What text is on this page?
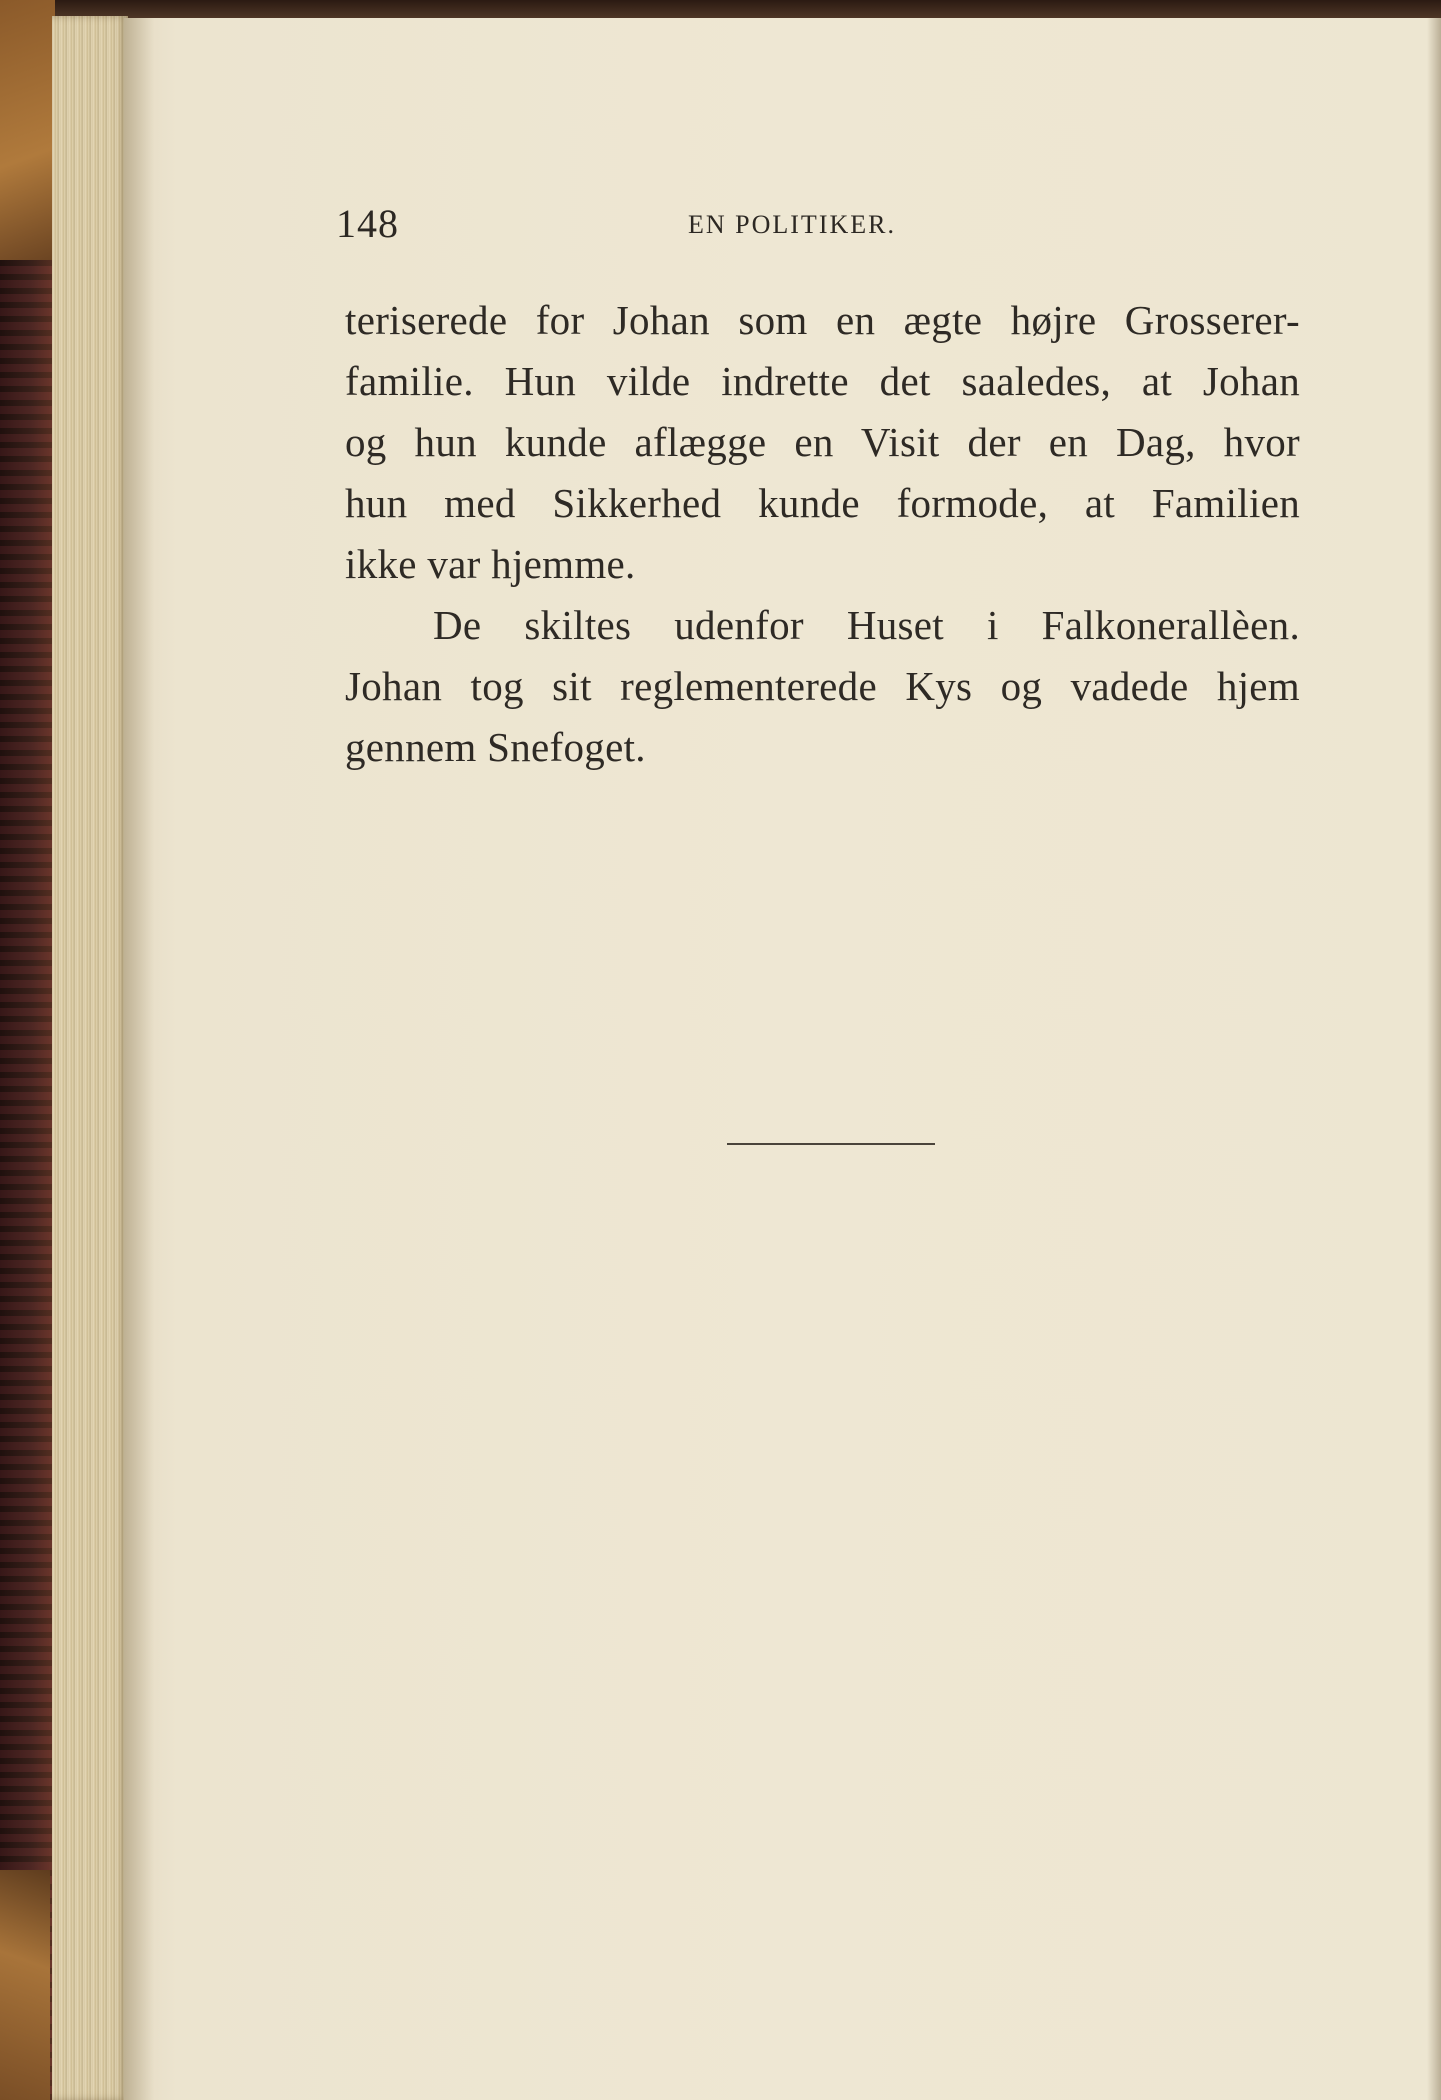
148	EN POLITIKER.
teriserede for Johan som en ægte højre Grosserer-
familie. Hun vilde indrette det saaledes, at Johan
og hun kunde aflægge en Visit der en Dag, hvor
hun med Sikkerhed kunde formode, at Familien
ikke var hjemme.
De skiltes udenfor Huset i Falkonerallèen.
Johan tog sit reglementerede Kys og vadede hjem
gennem Snefoget.
